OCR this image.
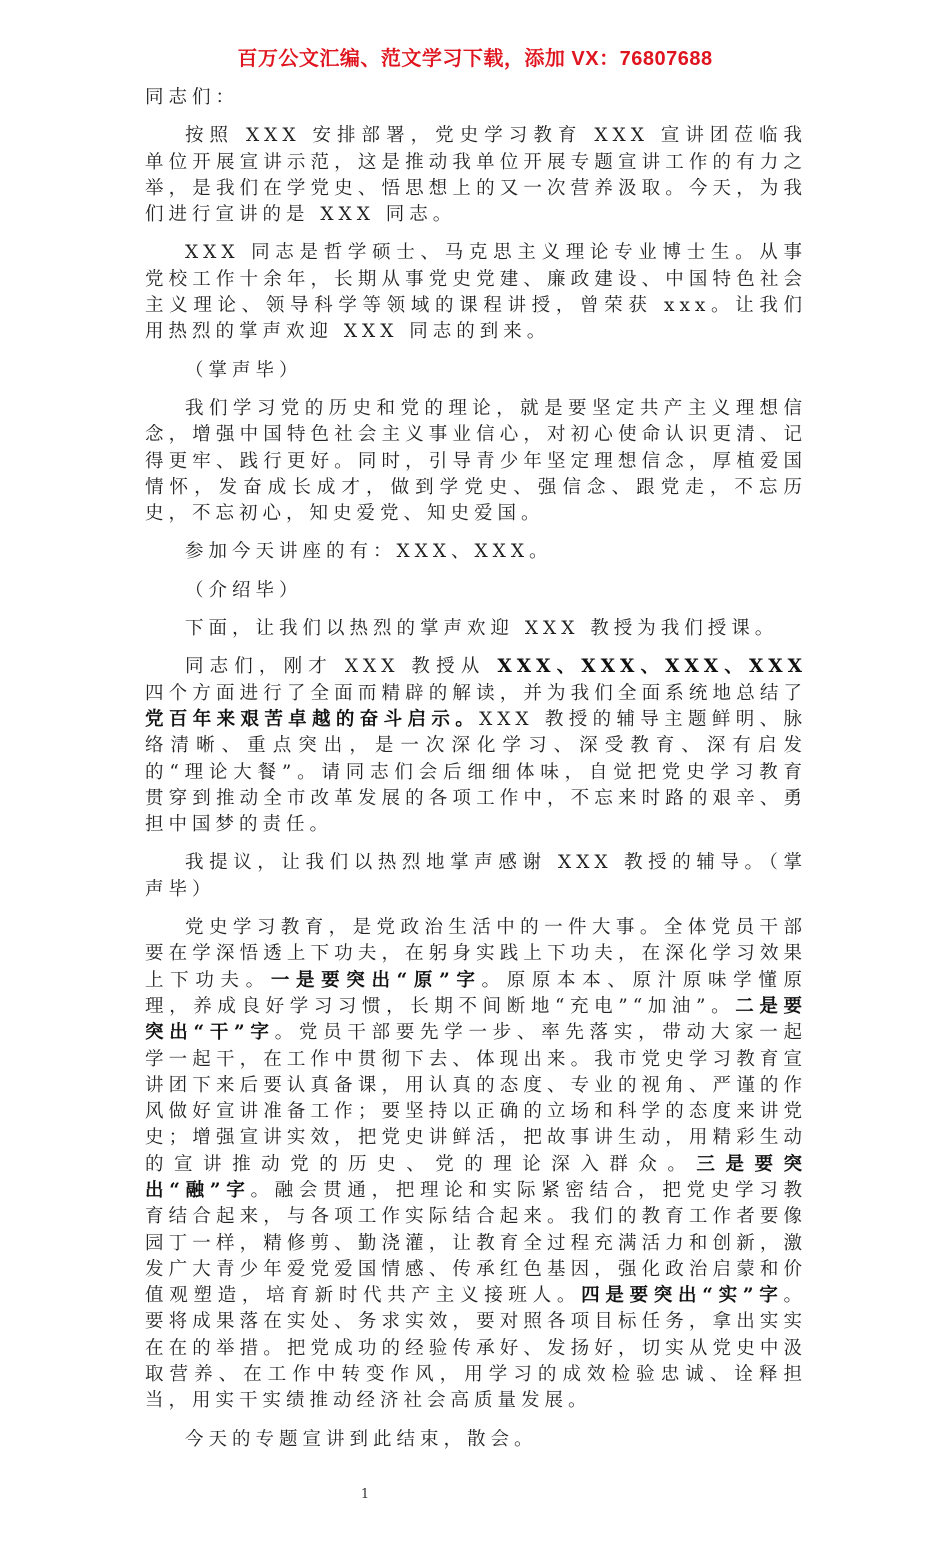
百万公文汇编、范文学习下载，添加 VX：76807688

同志们：

按照 XXX 安排部署，党史学习教育 XXX 宣讲团莅临我单位开展宣讲示范，这是推动我单位开展专题宣讲工作的有力之举，是我们在学党史、悟思想上的又一次营养汲取。今天，为我们进行宣讲的是 XXX 同志。

XXX 同志是哲学硕士、马克思主义理论专业博士生。从事党校工作十余年，长期从事党史党建、廉政建设、中国特色社会主义理论、领导科学等领域的课程讲授，曾荣获 xxx。让我们用热烈的掌声欢迎 XXX 同志的到来。

（掌声毕）

我们学习党的历史和党的理论，就是要坚定共产主义理想信念，增强中国特色社会主义事业信心，对初心使命认识更清、记得更牢、践行更好。同时，引导青少年坚定理想信念，厚植爱国情怀，发奋成长成才，做到学党史、强信念、跟党走，不忘历史，不忘初心，知史爱党、知史爱国。

参加今天讲座的有：XXX、XXX。

（介绍毕）

下面，让我们以热烈的掌声欢迎 XXX 教授为我们授课。

同志们，刚才 XXX 教授从 XXX、XXX、XXX、XXX 四个方面进行了全面而精辟的解读，并为我们全面系统地总结了党百年来艰苦卓越的奋斗启示。XXX 教授的辅导主题鲜明、脉络清晰、重点突出，是一次深化学习、深受教育、深有启发的“理论大餐”。请同志们会后细细体味，自觉把党史学习教育贯穿到推动全市改革发展的各项工作中，不忘来时路的艰辛、勇担中国梦的责任。

我提议，让我们以热烈地掌声感谢 XXX 教授的辅导。（掌声毕）

党史学习教育，是党政治生活中的一件大事。全体党员干部要在学深悟透上下功夫，在躬身实践上下功夫，在深化学习效果上下功夫。一是要突出“原”字。原原本本、原汁原味学懂原理，养成良好学习习惯，长期不间断地“充电”“加油”。二是要突出“干”字。党员干部要先学一步、率先落实，带动大家一起学一起干，在工作中贯彻下去、体现出来。我市党史学习教育宣讲团下来后要认真备课，用认真的态度、专业的视角、严谨的作风做好宣讲准备工作；要坚持以正确的立场和科学的态度来讲党史；增强宣讲实效，把党史讲鲜活，把故事讲生动，用精彩生动的宣讲推动党的历史、党的理论深入群众。三是要突出“融”字。融会贯通，把理论和实际紧密结合，把党史学习教育结合起来，与各项工作实际结合起来。我们的教育工作者要像园丁一样，精修剪、勤浇灌，让教育全过程充满活力和创新，激发广大青少年爱党爱国情感、传承红色基因，强化政治启蒙和价值观塑造，培育新时代共产主义接班人。四是要突出“实”字。要将成果落在实处、务求实效，要对照各项目标任务，拿出实实在在的举措。把党成功的经验传承好、发扬好，切实从党史中汲取营养、在工作中转变作风，用学习的成效检验忠诚、诠释担当，用实干实绩推动经济社会高质量发展。

今天的专题宣讲到此结束，散会。

1
